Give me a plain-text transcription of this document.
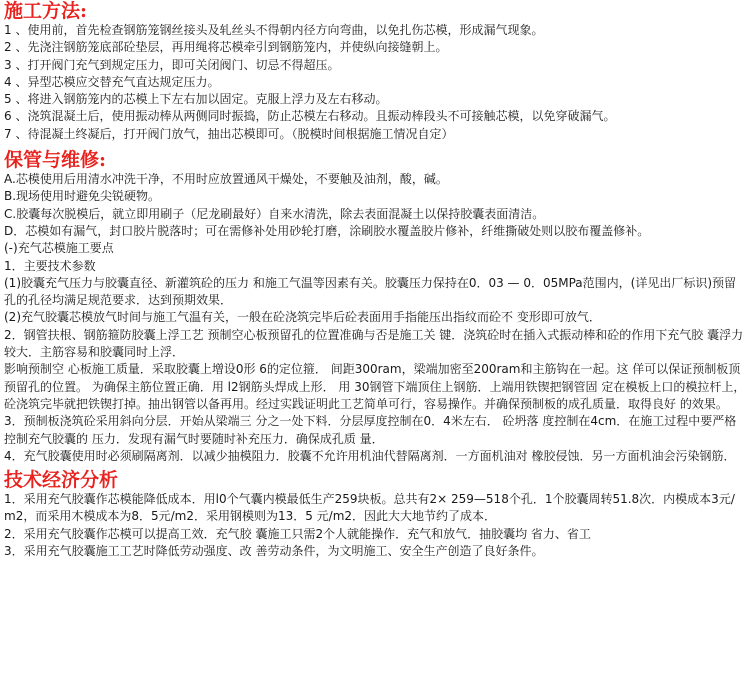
施工方法:

1 、使用前，首先检查钢筋笼钢丝接头及轧丝头不得朝内径方向弯曲，以免扎伤芯模，形成漏气现象。

2 、先浇注钢筋笼底部砼垫层，再用绳将芯模牵引到钢筋笼内，并使纵向接缝朝上。

3 、打开阀门充气到规定压力，即可关闭阀门、切忌不得超压。

4 、异型芯模应交替充气直达规定压力。

5 、将进入钢筋笼内的芯模上下左右加以固定。克服上浮力及左右移动。

6 、浇筑混凝土后，使用振动棒从两侧同时振捣，防止芯模左右移动。且振动棒段头不可接触芯模，以免穿破漏气。

7 、待混凝土终凝后，打开阀门放气，抽出芯模即可。（脱模时间根据施工情况自定）

保管与维修:

A.芯模使用后用清水冲洗干净，不用时应放置通风干燥处，不要触及油剂，酸，碱。

B.现场使用时避免尖锐硬物。

C.胶囊每次脱模后，就立即用刷子（尼龙刷最好）自来水清洗，除去表面混凝土以保持胶囊表面清洁。

D．芯模如有漏气，封口胶片脱落时；可在需修补处用砂轮打磨，涂刷胶水覆盖胶片修补，纤维撕破处则以胶布覆盖修补。

(-)充气芯模施工要点

1．主要技术参数

(1)胶囊充气压力与胶囊直径、新灌筑砼的压力 和施工气温等因素有关。胶囊压力保持在0．03 — 0．05MPa范围内，(详见出厂标识)预留孔的孔径均满足规范要求．达到预期效果．

(2)充气胶囊芯模放气时间与施工气温有关，一般在砼浇筑完毕后砼表面用手指能压出指纹而砼不 变形即可放气．

2．钢管扶根、钢筋箍防胶囊上浮工艺 预制空心板预留孔的位置准确与否是施工关 键．浇筑砼时在插入式振动棒和砼的作用下充气胶 囊浮力较大．主筋容易和胶囊同时上浮．

影响预制空 心板施工质量．采取胶囊上增设0形 6的定位箍． 间距300ram，梁端加密至200ram和主筋钩在一起。这 佯可以保证预制板顶预留孔的位置。 为确保主筋位置正确．用 l2钢筋头焊成上形． 用 30钢管下端顶住上钢筋．上端用铁锲把钢管固 定在模板上口的模拉杆上，砼浇筑完毕就把铁锲打掉。抽出钢管以备再用。经过实践证明此工艺简单可行，容易操作。并确保预制板的成孔质量．取得良好 的效果。

3．预制板浇筑砼采用斜向分层．开始从梁端三 分之一处下料．分层厚度控制在0．4米左右． 砼坍落 度控制在4cm．在施工过程中要严格控制充气胶囊的 压力．发现有漏气时要随时补充压力．确保成孔质 量．

4．充气胶囊使用时必须刷隔离剂．以减少抽模阻力．胶囊不允许用机油代替隔离剂．一方面机油对 橡胶侵蚀．另一方面机油会污染钢筋．

技术经济分析

1．采用充气胶囊作芯模能降低成本．用l0个气囊内模最低生产259块板。总共有2× 259—518个孔．1个胶囊周转51.8次．内模成本3元/m2，而采用木模成本为8．5元/m2．采用钢模则为13．5 元/m2．因此大大地节约了成本．

2．采用充气胶囊作芯模可以提高工效．充气胶 囊施工只需2个人就能操作．充气和放气．抽胶囊均 省力、省工

3．采用充气胶囊施工工艺时降低劳动强度、改 善劳动条件，为文明施工、安全生产创造了良好条件。
